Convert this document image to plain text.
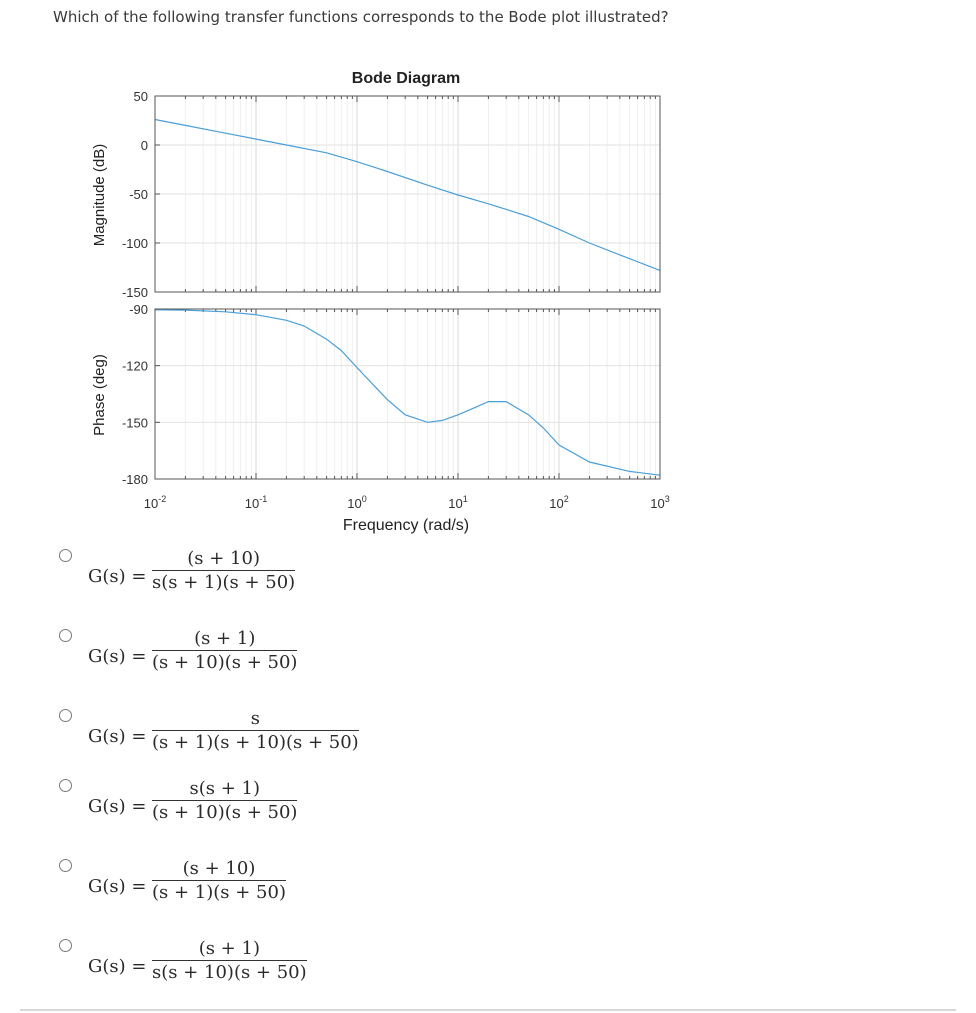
Which of the following transfer functions corresponds to the Bode plot illustrated?
Bode Diagram
Magnitude (dB)
Phase (deg)
Frequency (rad/s)
50
0
-50
-100
-150
-90
-120
-150
-180
$10^{-2}$	$10^{-1}$	$10^0$	$10^1$	$10^2$	$10^3$
G(s) =
(s + 10)
s(s + 1)(s + 50)
G(s) =
(s + 1)
(s + 10)(s + 50)
G(s) =
s
(s + 1)(s + 10)(s + 50)
G(s) =
s(s + 1)
(s + 10)(s + 50)
G(s) =
(s + 10)
(s + 1)(s + 50)
G(s) =
(s + 1)
s(s + 10)(s + 50)
